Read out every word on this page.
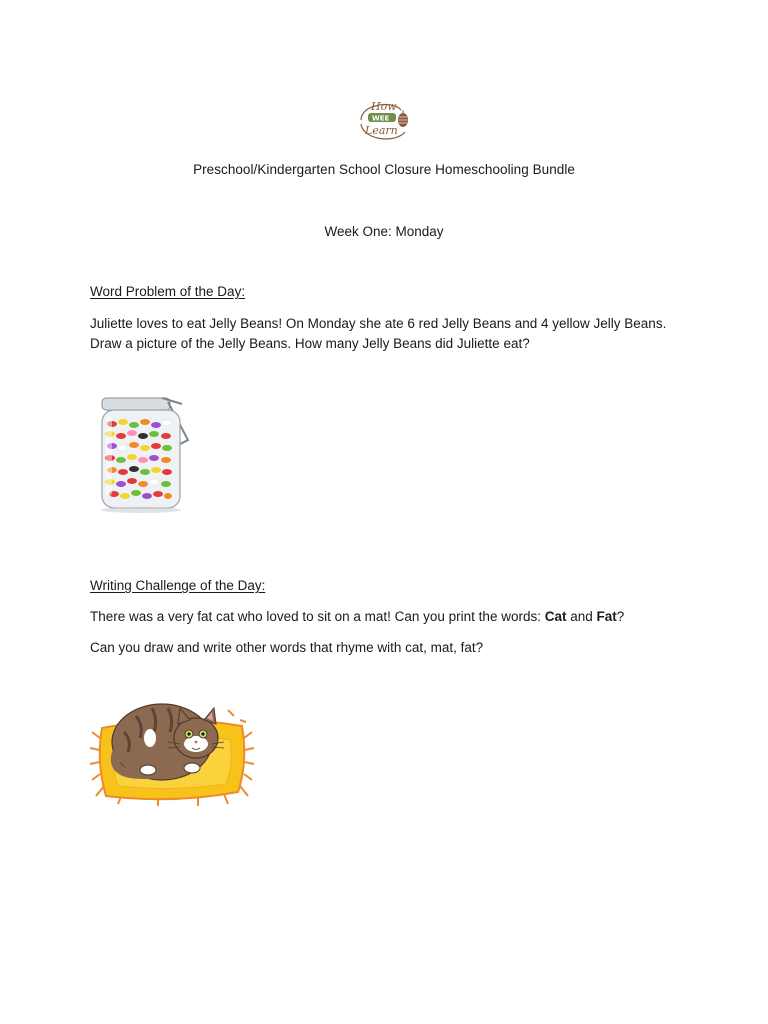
How
WEE
Learn
Preschool/Kindergarten School Closure Homeschooling Bundle
Week One: Monday
Word Problem of the Day:
Juliette loves to eat Jelly Beans! On Monday she ate 6 red Jelly Beans and 4 yellow Jelly Beans.
Draw a picture of the Jelly Beans. How many Jelly Beans did Juliette eat?
Writing Challenge of the Day:
There was a very fat cat who loved to sit on a mat! Can you print the words: Cat and Fat?
Can you draw and write other words that rhyme with cat, mat, fat?
